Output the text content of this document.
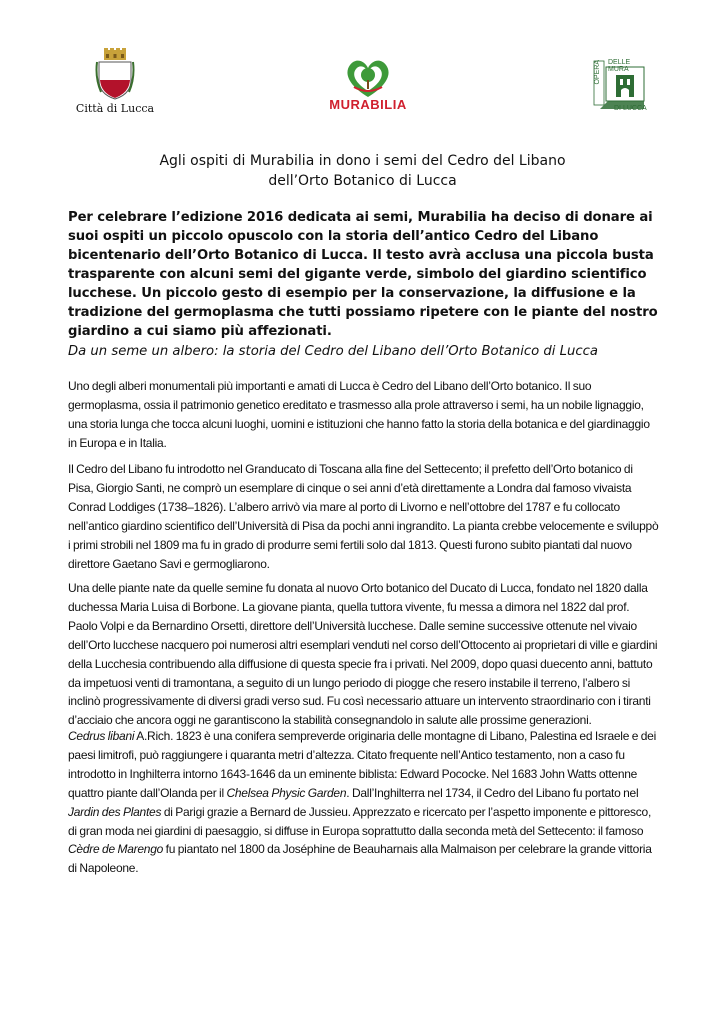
Città di Lucca	MURABILIA
OPERA DELLE MURA
DI LUCCA
Agli ospiti di Murabilia in dono i semi del Cedro del Libano
dell’Orto Botanico di Lucca
Per celebrare l’edizione 2016 dedicata ai semi, Murabilia ha deciso di donare ai suoi ospiti un piccolo opuscolo con la storia dell’antico Cedro del Libano bicentenario dell’Orto Botanico di Lucca. Il testo avrà acclusa una piccola busta trasparente con alcuni semi del gigante verde, simbolo del giardino scientifico lucchese. Un piccolo gesto di esempio per la conservazione, la diffusione e la tradizione del germoplasma che tutti possiamo ripetere con le piante del nostro giardino a cui siamo più affezionati.
Da un seme un albero: la storia del Cedro del Libano dell’Orto Botanico di Lucca
Uno degli alberi monumentali più importanti e amati di Lucca è Cedro del Libano dell’Orto botanico. Il suo germoplasma, ossia il patrimonio genetico ereditato e trasmesso alla prole attraverso i semi, ha un nobile lignaggio, una storia lunga che tocca alcuni luoghi, uomini e istituzioni che hanno fatto la storia della botanica e del giardinaggio in Europa e in Italia.
Il Cedro del Libano fu introdotto nel Granducato di Toscana alla fine del Settecento; il prefetto dell’Orto botanico di Pisa, Giorgio Santi, ne comprò un esemplare di cinque o sei anni d’età direttamente a Londra dal famoso vivaista Conrad Loddiges (1738–1826). L’albero arrivò via mare al porto di Livorno e nell’ottobre del 1787 e fu collocato nell’antico giardino scientifico dell’Università di Pisa da pochi anni ingrandito. La pianta crebbe velocemente e sviluppò i primi strobili nel 1809 ma fu in grado di produrre semi fertili solo dal 1813. Questi furono subito piantati dal nuovo direttore Gaetano Savi e germogliarono.
Una delle piante nate da quelle semine fu donata al nuovo Orto botanico del Ducato di Lucca, fondato nel 1820 dalla duchessa Maria Luisa di Borbone. La giovane pianta, quella tuttora vivente, fu messa a dimora nel 1822 dal prof. Paolo Volpi e da Bernardino Orsetti, direttore dell’Università lucchese. Dalle semine successive ottenute nel vivaio dell’Orto lucchese nacquero poi numerosi altri esemplari venduti nel corso dell’Ottocento ai proprietari di ville e giardini della Lucchesia contribuendo alla diffusione di questa specie fra i privati. Nel 2009, dopo quasi duecento anni, battuto da impetuosi venti di tramontana, a seguito di un lungo periodo di piogge che resero instabile il terreno, l’albero si inclinò progressivamente di diversi gradi verso sud. Fu così necessario attuare un intervento straordinario con i tiranti d’acciaio che ancora oggi ne garantiscono la stabilità consegnandolo in salute alle prossime generazioni.
Cedrus libani A.Rich. 1823 è una conifera sempreverde originaria delle montagne di Libano, Palestina ed Israele e dei paesi limitrofi, può raggiungere i quaranta metri d’altezza. Citato frequente nell’Antico testamento, non a caso fu introdotto in Inghilterra intorno 1643-1646 da un eminente biblista: Edward Pococke. Nel 1683 John Watts ottenne quattro piante dall’Olanda per il Chelsea Physic Garden. Dall’Inghilterra nel 1734, il Cedro del Libano fu portato nel Jardin des Plantes di Parigi grazie a Bernard de Jussieu. Apprezzato e ricercato per l’aspetto imponente e pittoresco, di gran moda nei giardini di paesaggio, si diffuse in Europa soprattutto dalla seconda metà del Settecento: il famoso Cèdre de Marengo fu piantato nel 1800 da Joséphine de Beauharnais alla Malmaison per celebrare la grande vittoria di Napoleone.
